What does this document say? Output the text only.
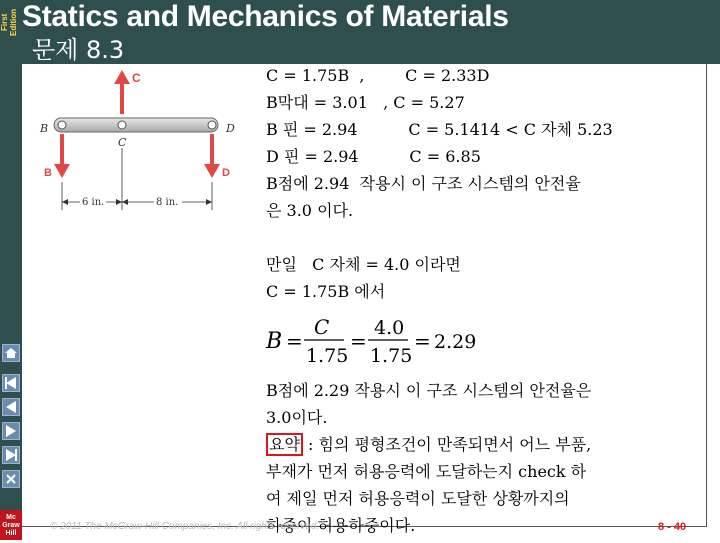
First Edition Statics and Mechanics of Materials
문제 8.3
Mc
Graw
Hill
C
B
C
D
B	D
6 in.	8 in.

C = 1.75B  ,        C = 2.33D

B막대 = 3.01   , C = 5.27

B 핀 = 2.94          C = 5.1414 < C 자체 5.23

D 핀 = 2.94          C = 6.85

B점에 2.94  작용시 이 구조 시스템의 안전율

은 3.0 이다.

만일   C 자체 = 4.0 이라면

C = 1.75B 에서

B점에 2.29 작용시 이 구조 시스템의 안전율은

3.0이다.

요약 : 힘의 평형조건이 만족되면서 어느 부품,

부재가 먼저 허용응력에 도달하는지 check 하

여 제일 먼저 허용응력이 도달한 상황까지의

하중이 허용하중이다.

B =
C
1.75
=
4.0
1.75
= 2.29
© 2011 The McGraw-Hill Companies, Inc. All rights reserved.	8 - 40
